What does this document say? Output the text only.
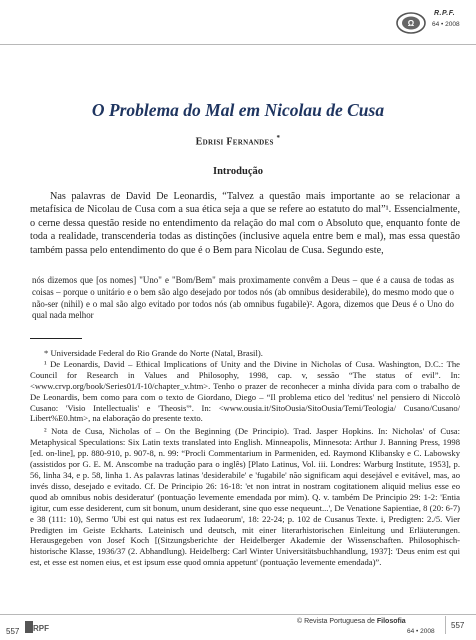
Ω
R.P.F.
64 • 2008
O Problema do Mal em Nicolau de Cusa
Edrisi Fernandes *
Introdução

Nas palavras de David De Leonardis, “Talvez a questão mais importante ao se relacionar a metafísica de Nicolau de Cusa com a sua ética seja a que se refere ao estatuto do mal”¹. Essencialmente, o cerne dessa questão reside no entendimento da relação do mal com o Absoluto que, enquanto fonte de toda a realidade, transcenderia todas as distinções (inclusive aquela entre bem e mal), mas essa questão também passa pelo entendimento do que é o Bem para Nicolau de Cusa. Segundo este,

nós dizemos que [os nomes] "Uno" e "Bom/Bem" mais proximamente convêm a Deus – que é a causa de todas as coisas – porque o unitário e o bem são algo desejado por todos nós (ab omnibus desiderabile), do mesmo modo que o não-ser (nihil) e o mal são algo evitado por todos nós (ab omnibus fugabile)². Agora, dizemos que Deus é o Uno do qual nada melhor

* Universidade Federal do Rio Grande do Norte (Natal, Brasil).

¹ De Leonardis, David – Ethical Implications of Unity and the Divine in Nicholas of Cusa. Washington, D.C.: The Council for Research in Values and Philosophy, 1998, cap. v, sessão “The status of evil”. In: <www.crvp.org/book/Series01/I-10/chapter_v.htm>. Tenho o prazer de reconhecer a minha dívida para com o trabalho de De Leonardis, bem como para com o texto de Giordano, Diego – “Il problema etico del 'reditus' nel pensiero di Niccolò Cusano: 'Visio Intellectualis' e 'Theosis'”. In: <www.ousia.it/SitoOusia/SitoOusia/Temi/Teologia/ Cusano/Cusano/ Libert%E0.htm>, na elaboração do presente texto.

² Nota de Cusa, Nicholas of – On the Beginning (De Principio). Trad. Jasper Hopkins. In: Nicholas' of Cusa: Metaphysical Speculations: Six Latin texts translated into English. Minneapolis, Minnesota: Arthur J. Banning Press, 1998 [ed. on-line], pp. 880-910, p. 907-8, n. 99: “Procli Commentarium in Parmeniden, ed. Raymond Klibansky e C. Labowsky (assistidos por G. E. M. Anscombe na tradução para o inglês) [Plato Latinus, Vol. iii. Londres: Warburg Institute, 1953], p. 56, linha 34, e p. 58, linha 1. As palavras latinas 'desiderabile' e 'fugabile' não significam aqui desejável e evitável, mas, ao invés disso, desejado e evitado. Cf. De Principio 26: 16-18: 'et non intrat in nostram cogitationem aliquid melius esse eo quod ab omnibus nobis desideratur' (pontuação levemente emendada por mim). Q. v. também De Principio 29: 1-2: 'Entia igitur, cum esse desiderent, cum sit bonum, unum desiderant, sine quo esse nequeunt...', De Venatione Sapientiae, 8 (20: 6-7) e 38 (111: 10), Sermo 'Ubi est qui natus est rex Iudaeorum', 18: 22-24; p. 102 de Cusanus Texte. i, Predigten: 2./5. Vier Predigten im Geiste Eckharts. Lateinisch und deutsch, mit einer literarhistorischen Einleitung und Erläuterungen. Herausgegeben von Josef Koch [(Sitzungsberichte der Heidelberger Akademie der Wissenschaften. Philosophisch-historische Klasse, 1936/37 (2. Abhandlung). Heidelberg: Carl Winter Universitätsbuchhandlung, 1937]: 'Deus enim est qui est, et esse est nomen eius, et est ipsum esse quod omnia appetunt' (pontuação levemente emendada)”.

557 RPF
© Revista Portuguesa de Filosofia
64 • 2008
557
